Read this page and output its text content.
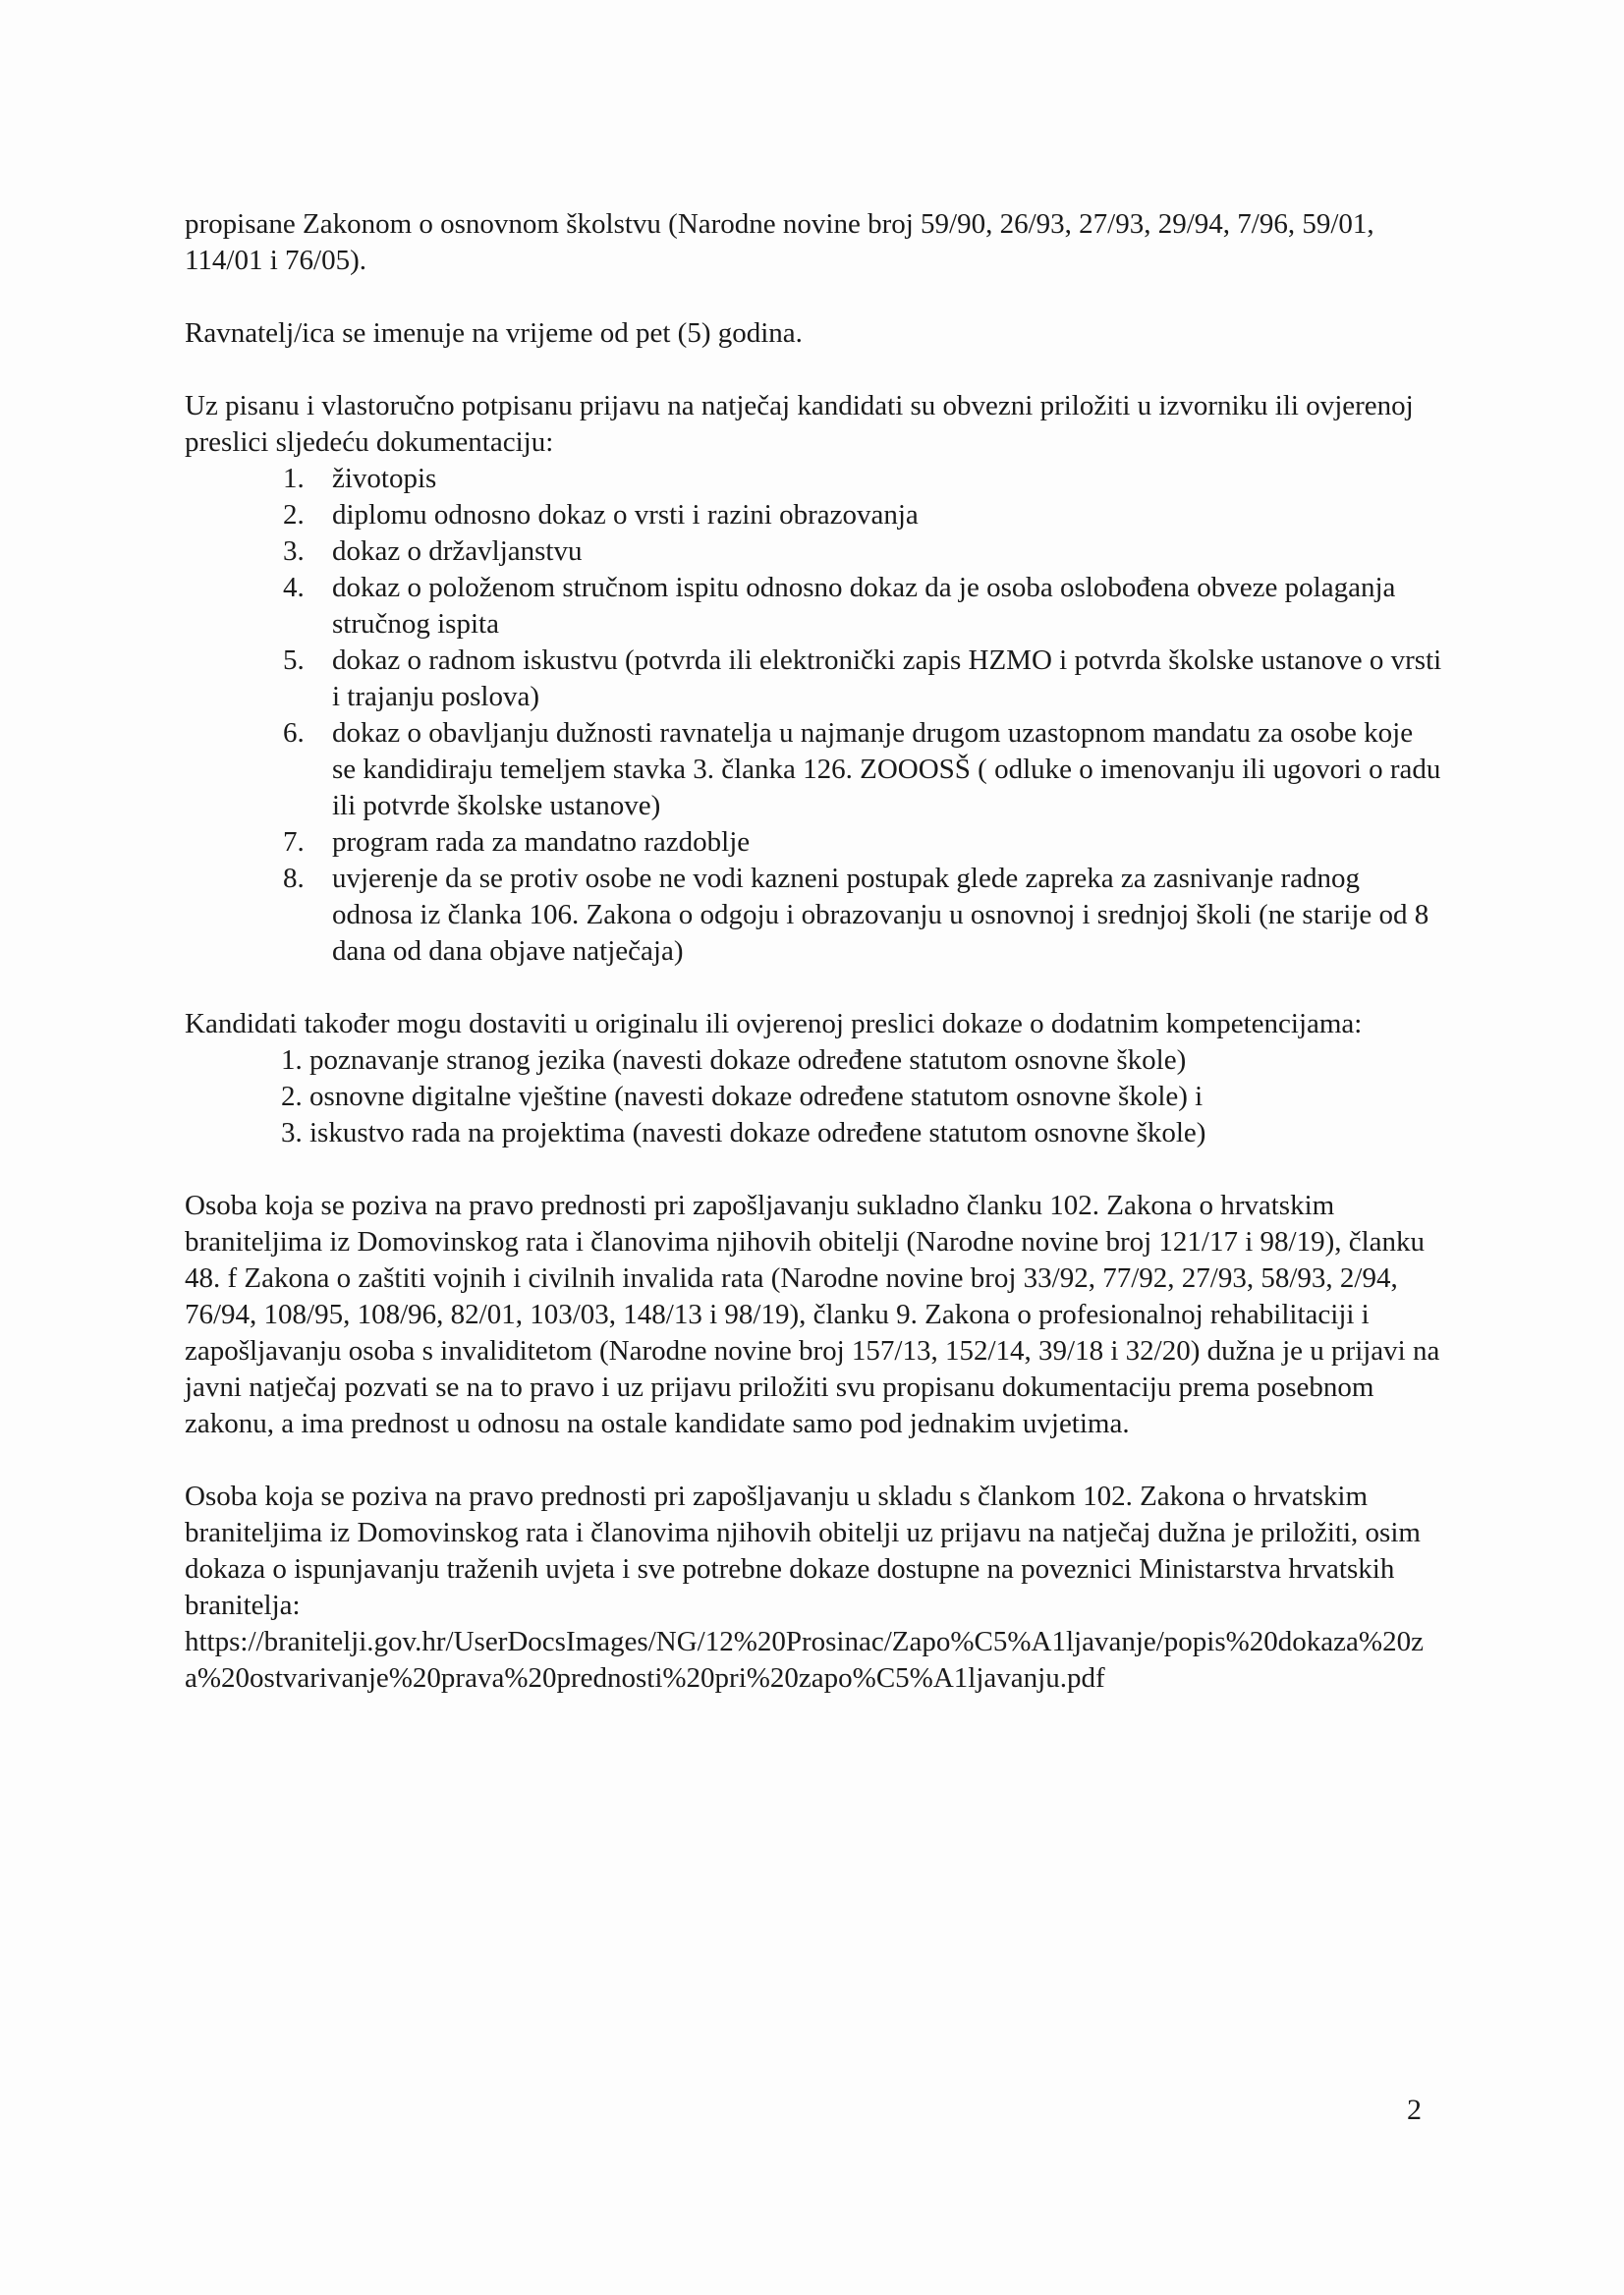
propisane Zakonom o osnovnom školstvu (Narodne novine broj 59/90, 26/93, 27/93, 29/94, 7/96, 59/01, 114/01 i 76/05).

Ravnatelj/ica se imenuje na vrijeme od pet (5) godina.

Uz pisanu i vlastoručno potpisanu prijavu na natječaj kandidati su obvezni priložiti u izvorniku ili ovjerenoj preslici sljedeću dokumentaciju:

1. životopis
2. diplomu odnosno dokaz o vrsti i razini obrazovanja
3. dokaz o državljanstvu
4. dokaz o položenom stručnom ispitu odnosno dokaz da je osoba oslobođena obveze polaganja stručnog ispita
5. dokaz o radnom iskustvu (potvrda ili elektronički zapis HZMO i potvrda školske ustanove o vrsti i trajanju poslova)
6. dokaz o obavljanju dužnosti ravnatelja u najmanje drugom uzastopnom mandatu za osobe koje se kandidiraju temeljem stavka 3. članka 126. ZOOOSŠ ( odluke o imenovanju ili ugovori o radu ili potvrde školske ustanove)
7. program rada za mandatno razdoblje
8. uvjerenje da se protiv osobe ne vodi kazneni postupak glede zapreka za zasnivanje radnog odnosa iz članka 106. Zakona o odgoju i obrazovanju u osnovnoj i srednjoj školi (ne starije od 8 dana od dana objave natječaja)

Kandidati također mogu dostaviti u originalu ili ovjerenoj preslici dokaze o dodatnim kompetencijama:

1. poznavanje stranog jezika (navesti dokaze određene statutom osnovne škole)
2. osnovne digitalne vještine (navesti dokaze određene statutom osnovne škole) i
3. iskustvo rada na projektima (navesti dokaze određene statutom osnovne škole)

Osoba koja se poziva na pravo prednosti pri zapošljavanju sukladno članku 102. Zakona o hrvatskim braniteljima iz Domovinskog rata i članovima njihovih obitelji (Narodne novine broj 121/17 i 98/19), članku 48. f Zakona o zaštiti vojnih i civilnih invalida rata (Narodne novine broj 33/92, 77/92, 27/93, 58/93, 2/94, 76/94, 108/95, 108/96, 82/01, 103/03, 148/13 i 98/19), članku 9. Zakona o profesionalnoj rehabilitaciji i zapošljavanju osoba s invaliditetom (Narodne novine broj 157/13, 152/14, 39/18 i 32/20) dužna je u prijavi na javni natječaj pozvati se na to pravo i uz prijavu priložiti svu propisanu dokumentaciju prema posebnom zakonu, a ima prednost u odnosu na ostale kandidate samo pod jednakim uvjetima.

Osoba koja se poziva na pravo prednosti pri zapošljavanju u skladu s člankom 102. Zakona o hrvatskim braniteljima iz Domovinskog rata i članovima njihovih obitelji uz prijavu na natječaj dužna je priložiti, osim dokaza o ispunjavanju traženih uvjeta i sve potrebne dokaze dostupne na poveznici Ministarstva hrvatskih branitelja:

https://branitelji.gov.hr/UserDocsImages/NG/12%20Prosinac/Zapo%C5%A1ljavanje/popis%20dokaza%20za%20ostvarivanje%20prava%20prednosti%20pri%20zapo%C5%A1ljavanju.pdf

2
